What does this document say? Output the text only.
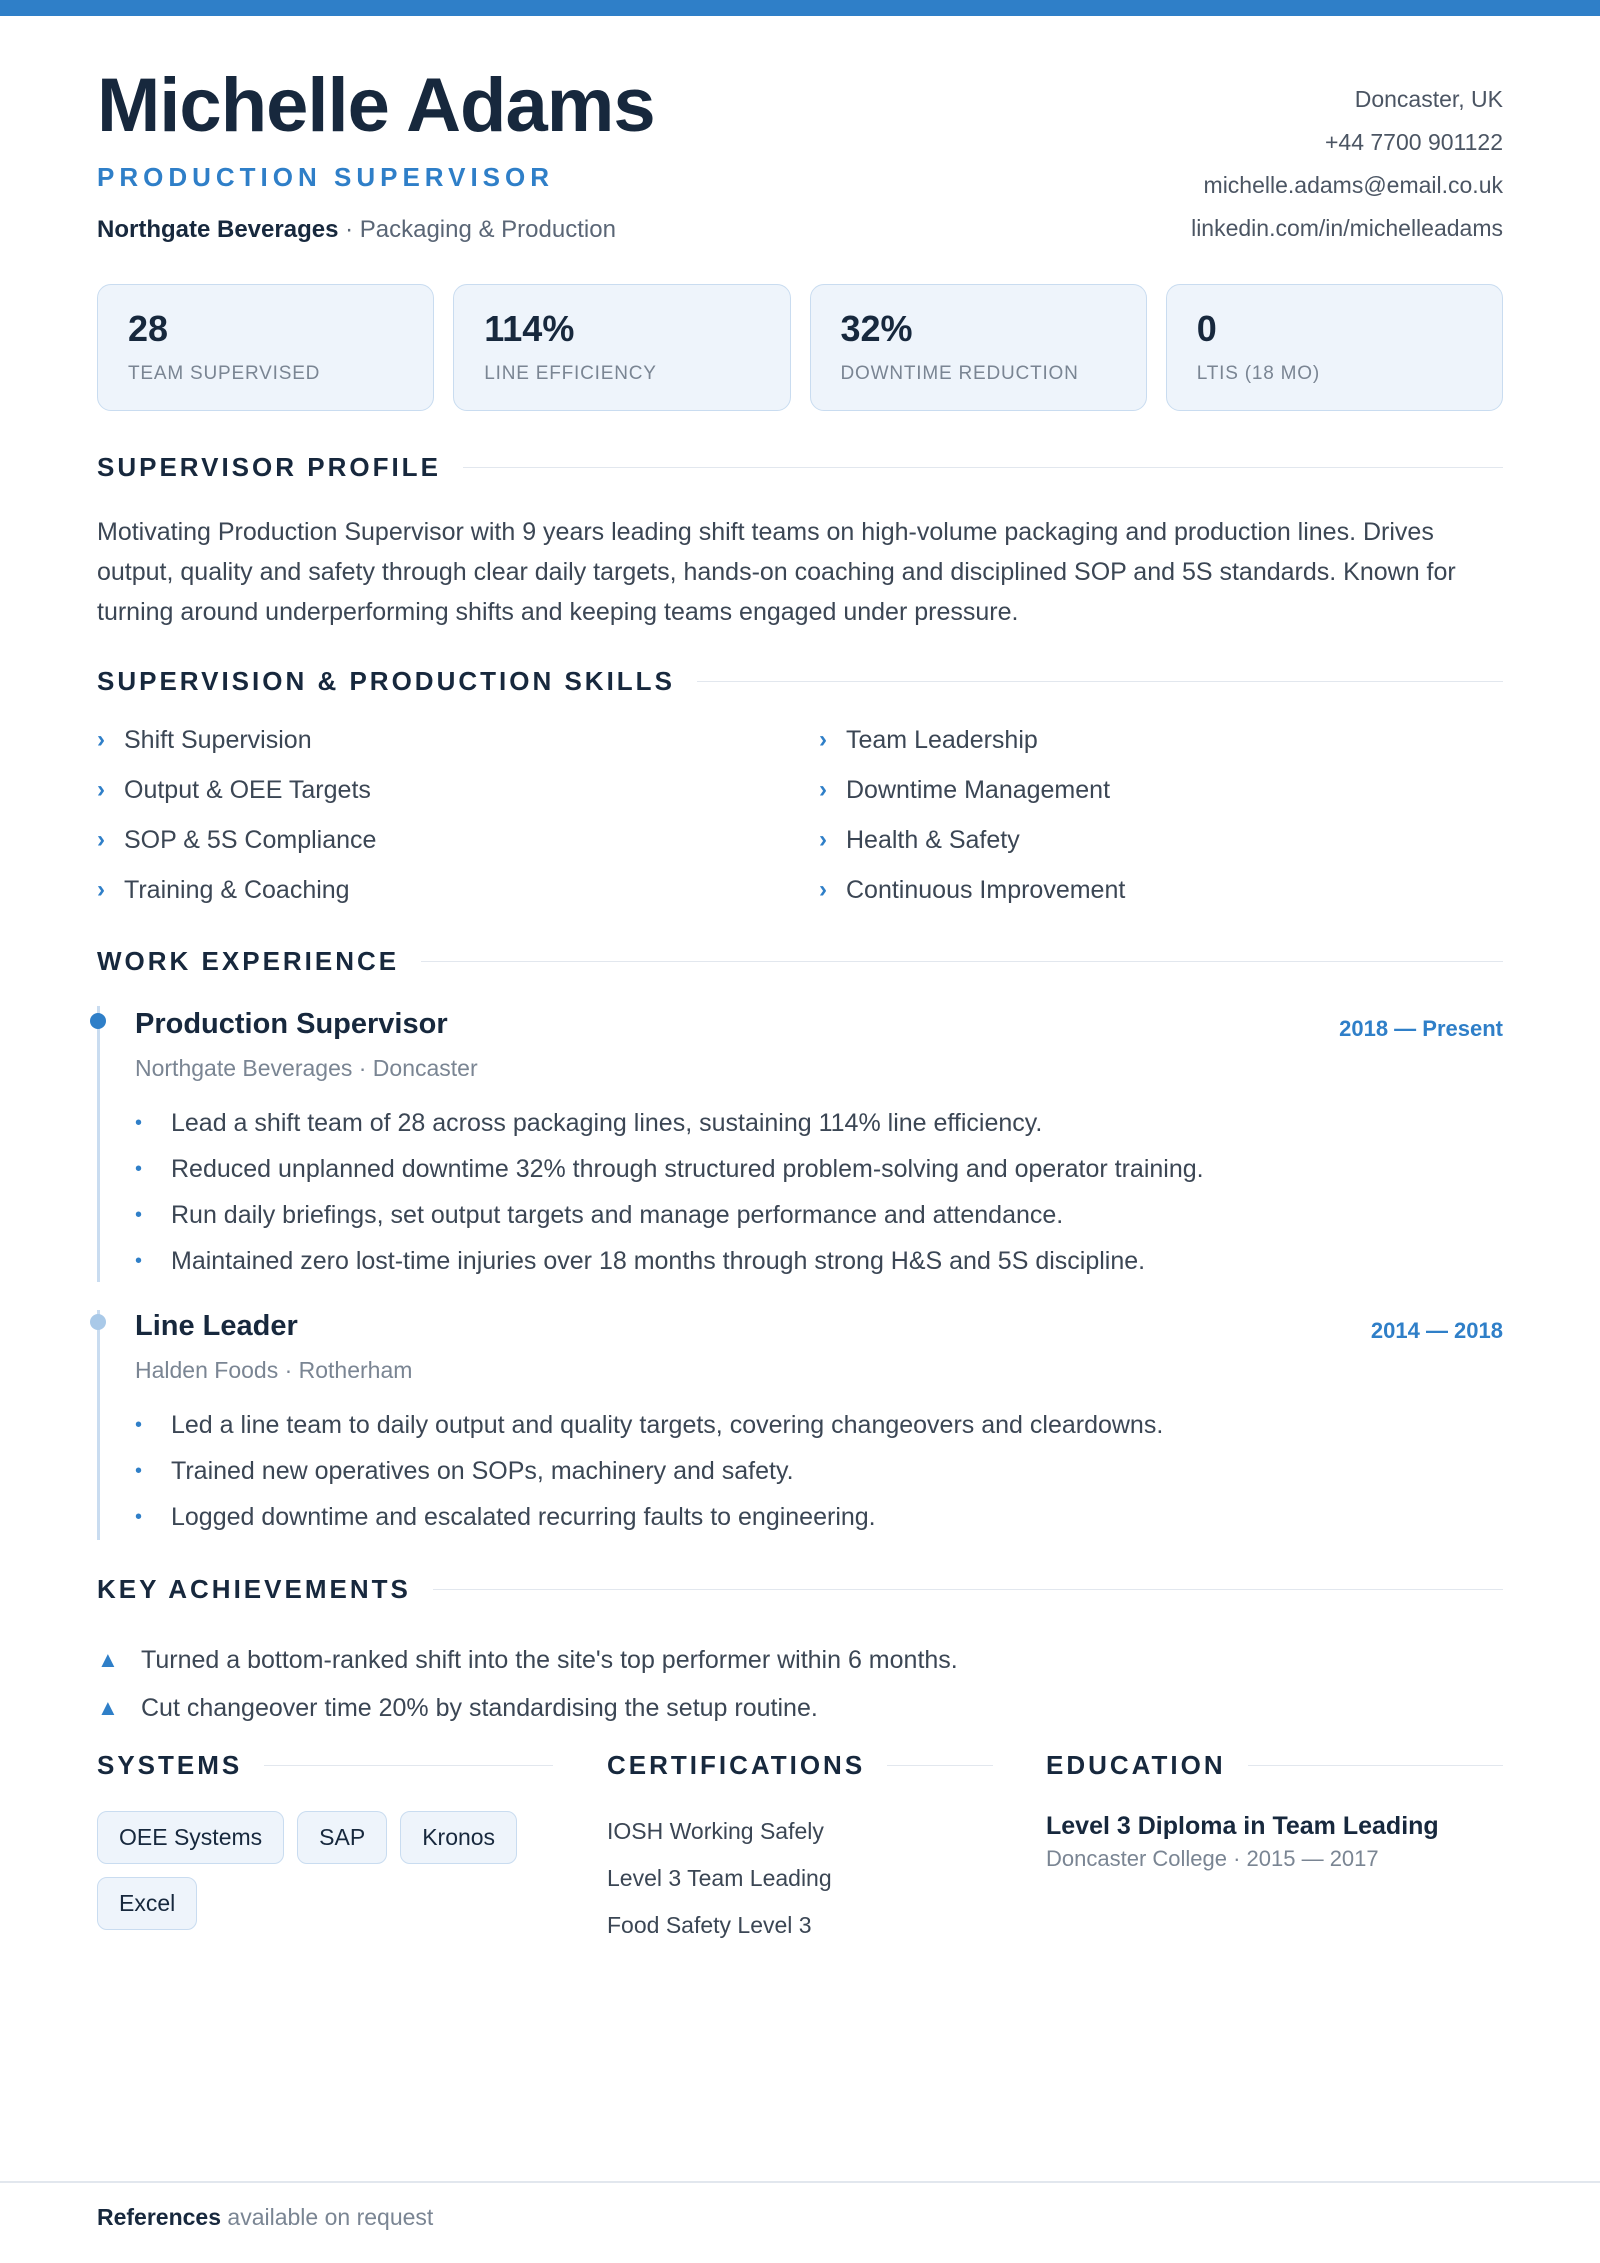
Michelle Adams
PRODUCTION SUPERVISOR
Northgate Beverages · Packaging & Production
Doncaster, UK
+44 7700 901122
michelle.adams@email.co.uk
linkedin.com/in/michelleadams
28
TEAM SUPERVISED
114%
LINE EFFICIENCY
32%
DOWNTIME REDUCTION
0
LTIS (18 MO)
SUPERVISOR PROFILE
Motivating Production Supervisor with 9 years leading shift teams on high-volume packaging and production lines. Drives output, quality and safety through clear daily targets, hands-on coaching and disciplined SOP and 5S standards. Known for turning around underperforming shifts and keeping teams engaged under pressure.
SUPERVISION & PRODUCTION SKILLS
› Shift Supervision	› Team Leadership
› Output & OEE Targets	› Downtime Management
› SOP & 5S Compliance	› Health & Safety
› Training & Coaching	› Continuous Improvement
WORK EXPERIENCE
Production Supervisor	2018 — Present
Northgate Beverages · Doncaster
•	Lead a shift team of 28 across packaging lines, sustaining 114% line efficiency.
•	Reduced unplanned downtime 32% through structured problem-solving and operator training.
•	Run daily briefings, set output targets and manage performance and attendance.
•	Maintained zero lost-time injuries over 18 months through strong H&S and 5S discipline.
Line Leader	2014 — 2018
Halden Foods · Rotherham
•	Led a line team to daily output and quality targets, covering changeovers and cleardowns.
•	Trained new operatives on SOPs, machinery and safety.
•	Logged downtime and escalated recurring faults to engineering.
KEY ACHIEVEMENTS
▲ Turned a bottom-ranked shift into the site's top performer within 6 months.
▲ Cut changeover time 20% by standardising the setup routine.
SYSTEMS	CERTIFICATIONS	EDUCATION
OEE Systems	SAP	Kronos
Excel
IOSH Working Safely
Level 3 Team Leading
Food Safety Level 3
Level 3 Diploma in Team Leading
Doncaster College · 2015 — 2017
References available on request
